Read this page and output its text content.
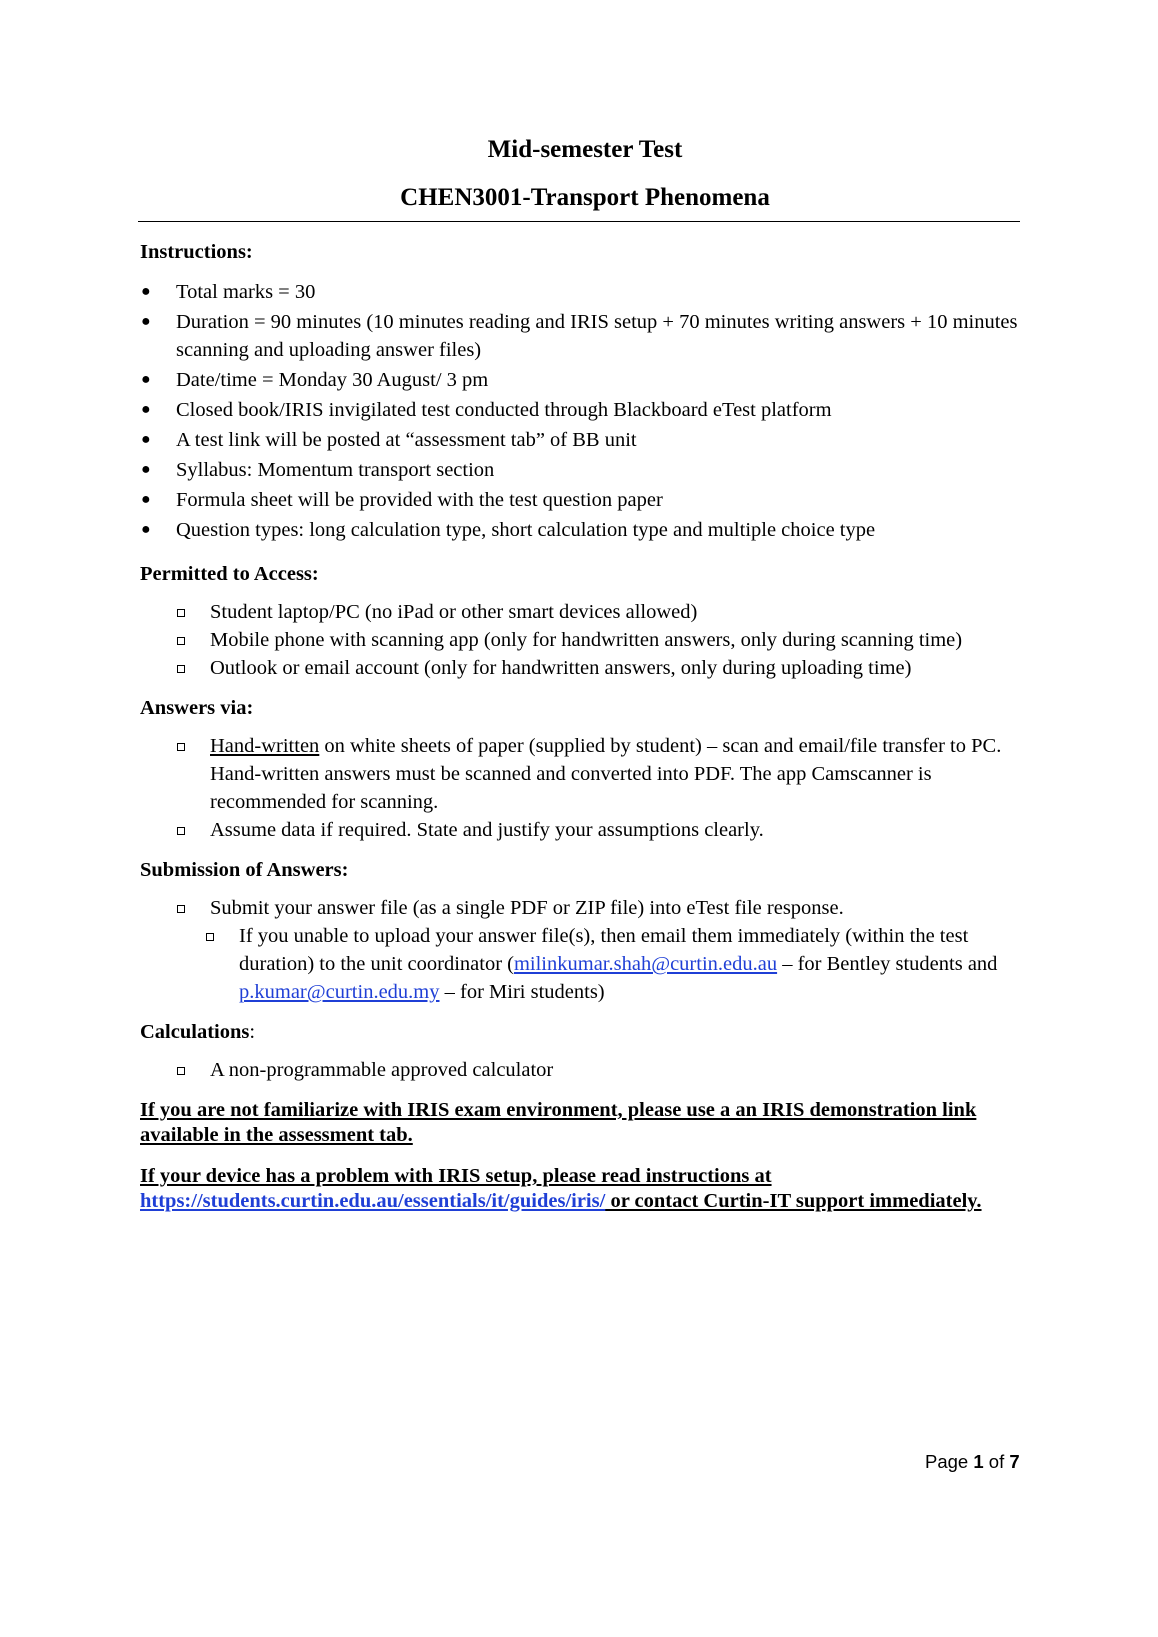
Mid-semester Test
CHEN3001-Transport Phenomena
Instructions:
●	Total marks = 30
●	Duration = 90 minutes (10 minutes reading and IRIS setup + 70 minutes writing answers + 10 minutes scanning and uploading answer files)
●	Date/time = Monday 30 August/ 3 pm
●	Closed book/IRIS invigilated test conducted through Blackboard eTest platform
●	A test link will be posted at “assessment tab” of BB unit
●	Syllabus: Momentum transport section
●	Formula sheet will be provided with the test question paper
●	Question types: long calculation type, short calculation type and multiple choice type
Permitted to Access:
Student laptop/PC (no iPad or other smart devices allowed)
Mobile phone with scanning app (only for handwritten answers, only during scanning time)
Outlook or email account (only for handwritten answers, only during uploading time)
Answers via:
Hand-written on white sheets of paper (supplied by student) – scan and email/file transfer to PC. Hand-written answers must be scanned and converted into PDF. The app Camscanner is recommended for scanning.
Assume data if required. State and justify your assumptions clearly.
Submission of Answers:
Submit your answer file (as a single PDF or ZIP file) into eTest file response.
If you unable to upload your answer file(s), then email them immediately (within the test duration) to the unit coordinator (milinkumar.shah@curtin.edu.au – for Bentley students and p.kumar@curtin.edu.my – for Miri students)
Calculations:
A non-programmable approved calculator
If you are not familiarize with IRIS exam environment, please use a an IRIS demonstration link available in the assessment tab.
If your device has a problem with IRIS setup, please read instructions at https://students.curtin.edu.au/essentials/it/guides/iris/ or contact Curtin-IT support immediately.
Page 1 of 7
